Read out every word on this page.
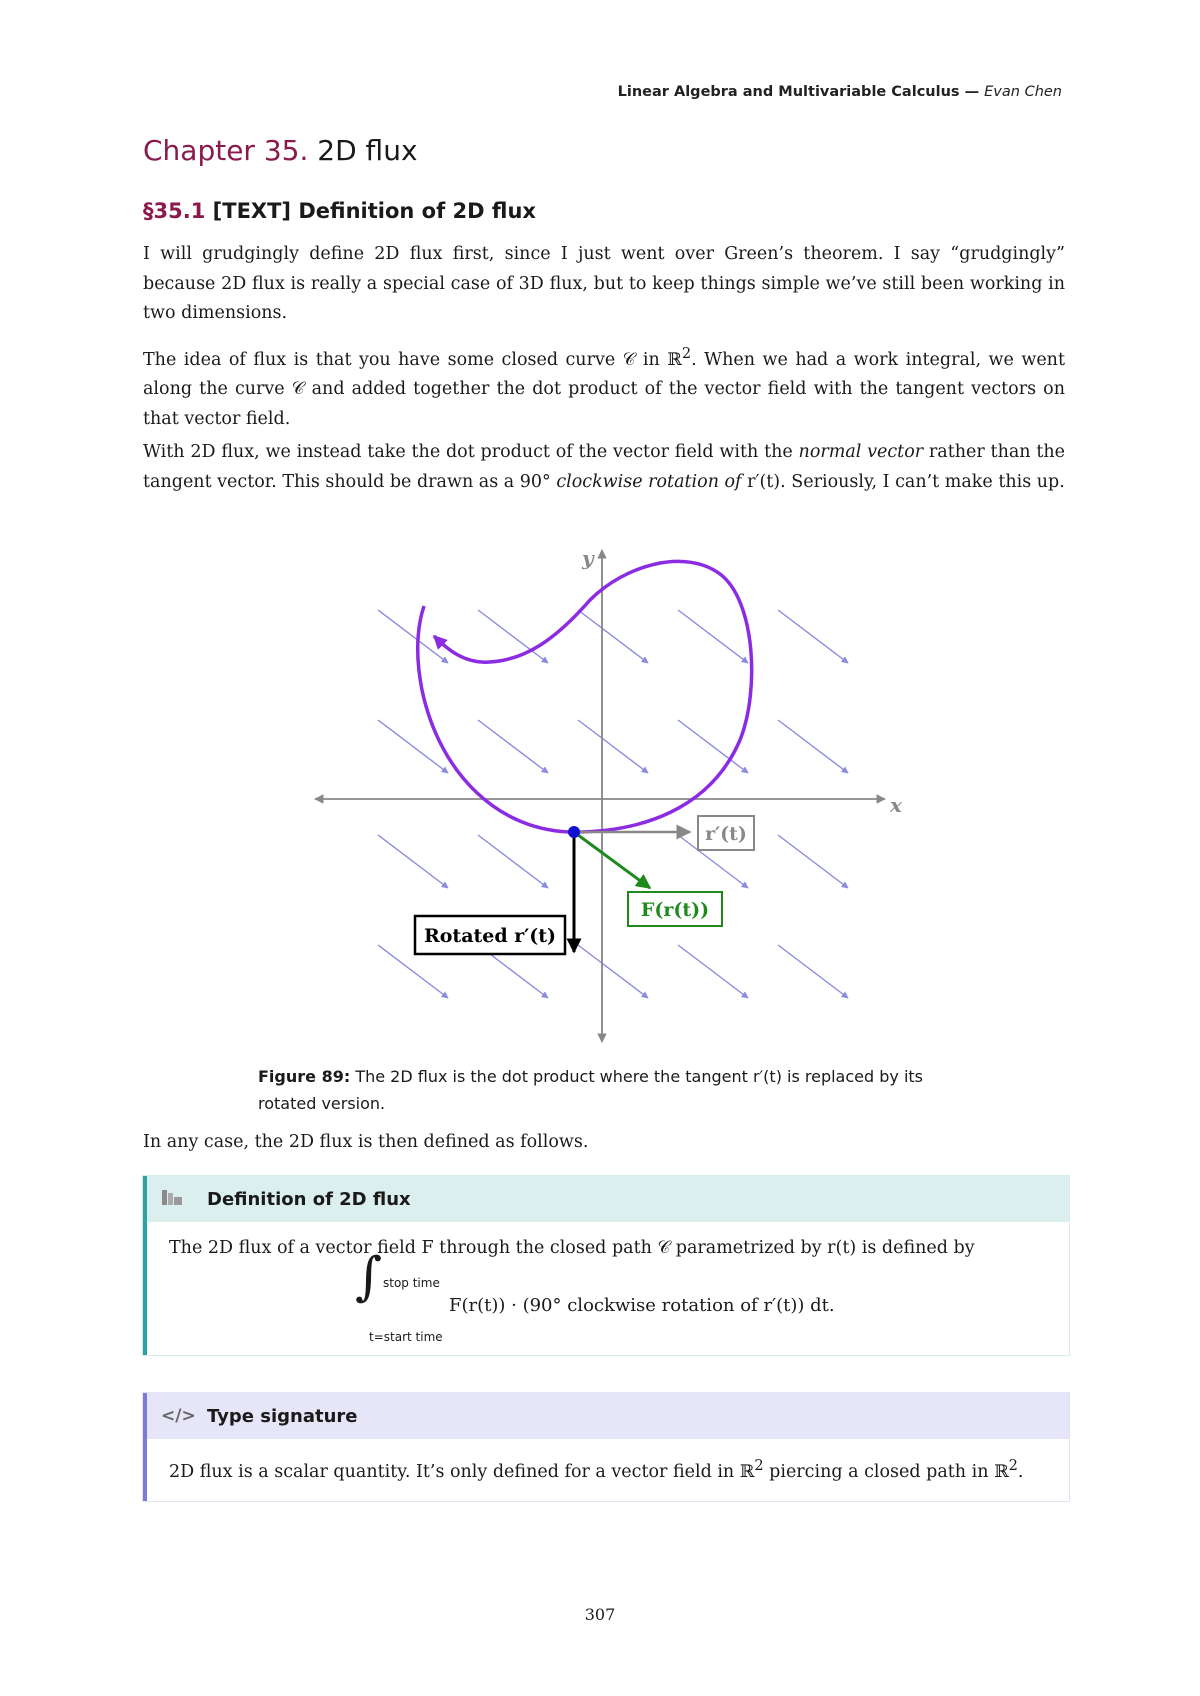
Linear Algebra and Multivariable Calculus — Evan Chen
Chapter 35. 2D flux
§35.1 [TEXT] Definition of 2D flux

I will grudgingly define 2D flux first, since I just went over Green’s theorem. I say “grudgingly” because 2D flux is really a special case of 3D flux, but to keep things simple we’ve still been working in two dimensions.

The idea of flux is that you have some closed curve 𝒞 in ℝ$^2$. When we had a work integral, we went along the curve 𝒞 and added together the dot product of the vector field with the tangent vectors on that vector field.

With 2D flux, we instead take the dot product of the vector field with the normal vector rather than the tangent vector. This should be drawn as a 90° clockwise rotation of r′(t). Seriously, I can’t make this up.

x
y
r′(t)
F(r(t))
Rotated r′(t)
Figure 89: The 2D flux is the dot product where the tangent r′(t) is replaced by its rotated version.

In any case, the 2D flux is then defined as follows.

Definition of 2D flux
The 2D flux of a vector field F through the closed path 𝒞 parametrized by r(t) is defined by
∫ stop time
t=start time
F(r(t)) · (90° clockwise rotation of r′(t)) dt.
</> Type signature
2D flux is a scalar quantity. It’s only defined for a vector field in ℝ$^2$ piercing a closed path in ℝ$^2$.
307
